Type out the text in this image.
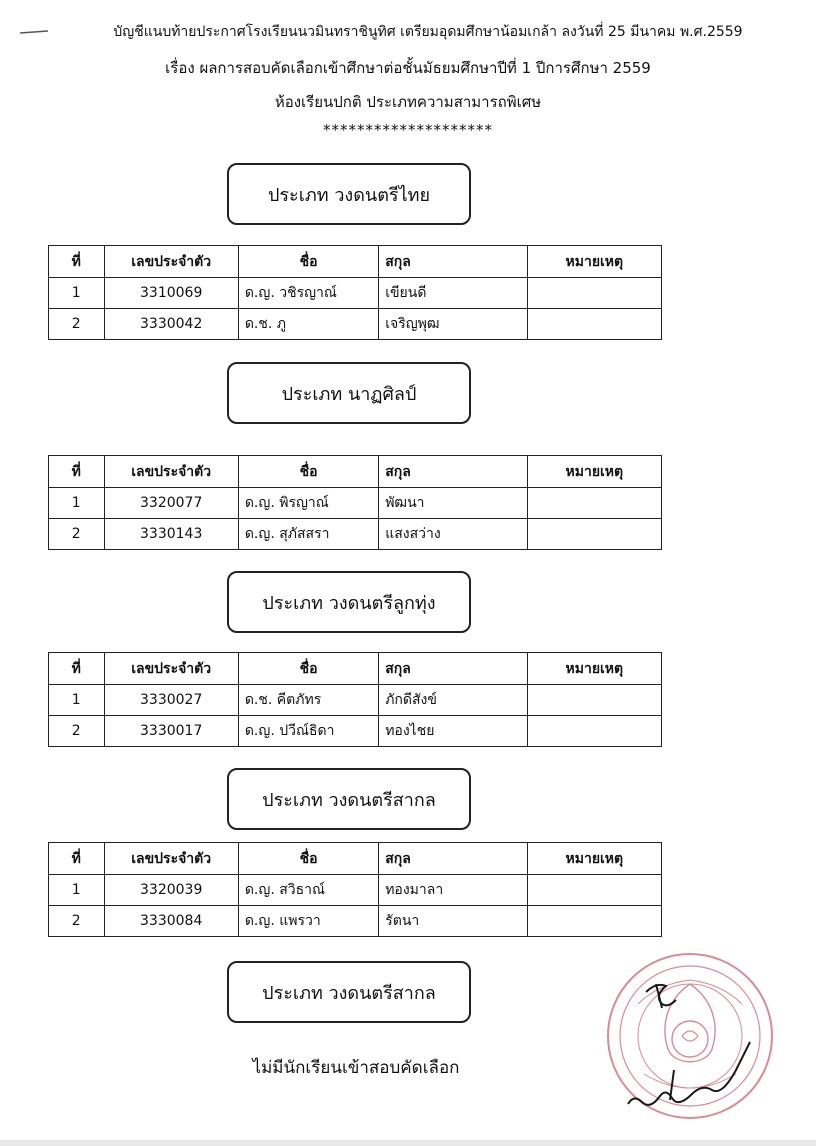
บัญชีแนบท้ายประกาศโรงเรียนนวมินทราชินูทิศ เตรียมอุดมศึกษาน้อมเกล้า ลงวันที่ 25 มีนาคม พ.ศ.2559
เรื่อง ผลการสอบคัดเลือกเข้าศึกษาต่อชั้นมัธยมศึกษาปีที่ 1 ปีการศึกษา 2559
ห้องเรียนปกติ ประเภทความสามารถพิเศษ
********************
ประเภท วงดนตรีไทย
ที่	เลขประจำตัว	ชื่อ	สกุล	หมายเหตุ
1	3310069	ด.ญ. วชิรญาณ์	เขียนดี	
2	3330042	ด.ช. ภู	เจริญพุฒ	
ประเภท นาฏศิลป์
ที่	เลขประจำตัว	ชื่อ	สกุล	หมายเหตุ
1	3320077	ด.ญ. พิรญาณ์	พัฒนา	
2	3330143	ด.ญ. สุภัสสรา	แสงสว่าง	
ประเภท วงดนตรีลูกทุ่ง
ที่	เลขประจำตัว	ชื่อ	สกุล	หมายเหตุ
1	3330027	ด.ช. คีตภัทร	ภักดีสังข์	
2	3330017	ด.ญ. ปวีณ์ธิดา	ทองไชย	
ประเภท วงดนตรีสากล
ที่	เลขประจำตัว	ชื่อ	สกุล	หมายเหตุ
1	3320039	ด.ญ. สวิธาณ์	ทองมาลา	
2	3330084	ด.ญ. แพรวา	รัตนา	
ประเภท วงดนตรีสากล
ไม่มีนักเรียนเข้าสอบคัดเลือก
